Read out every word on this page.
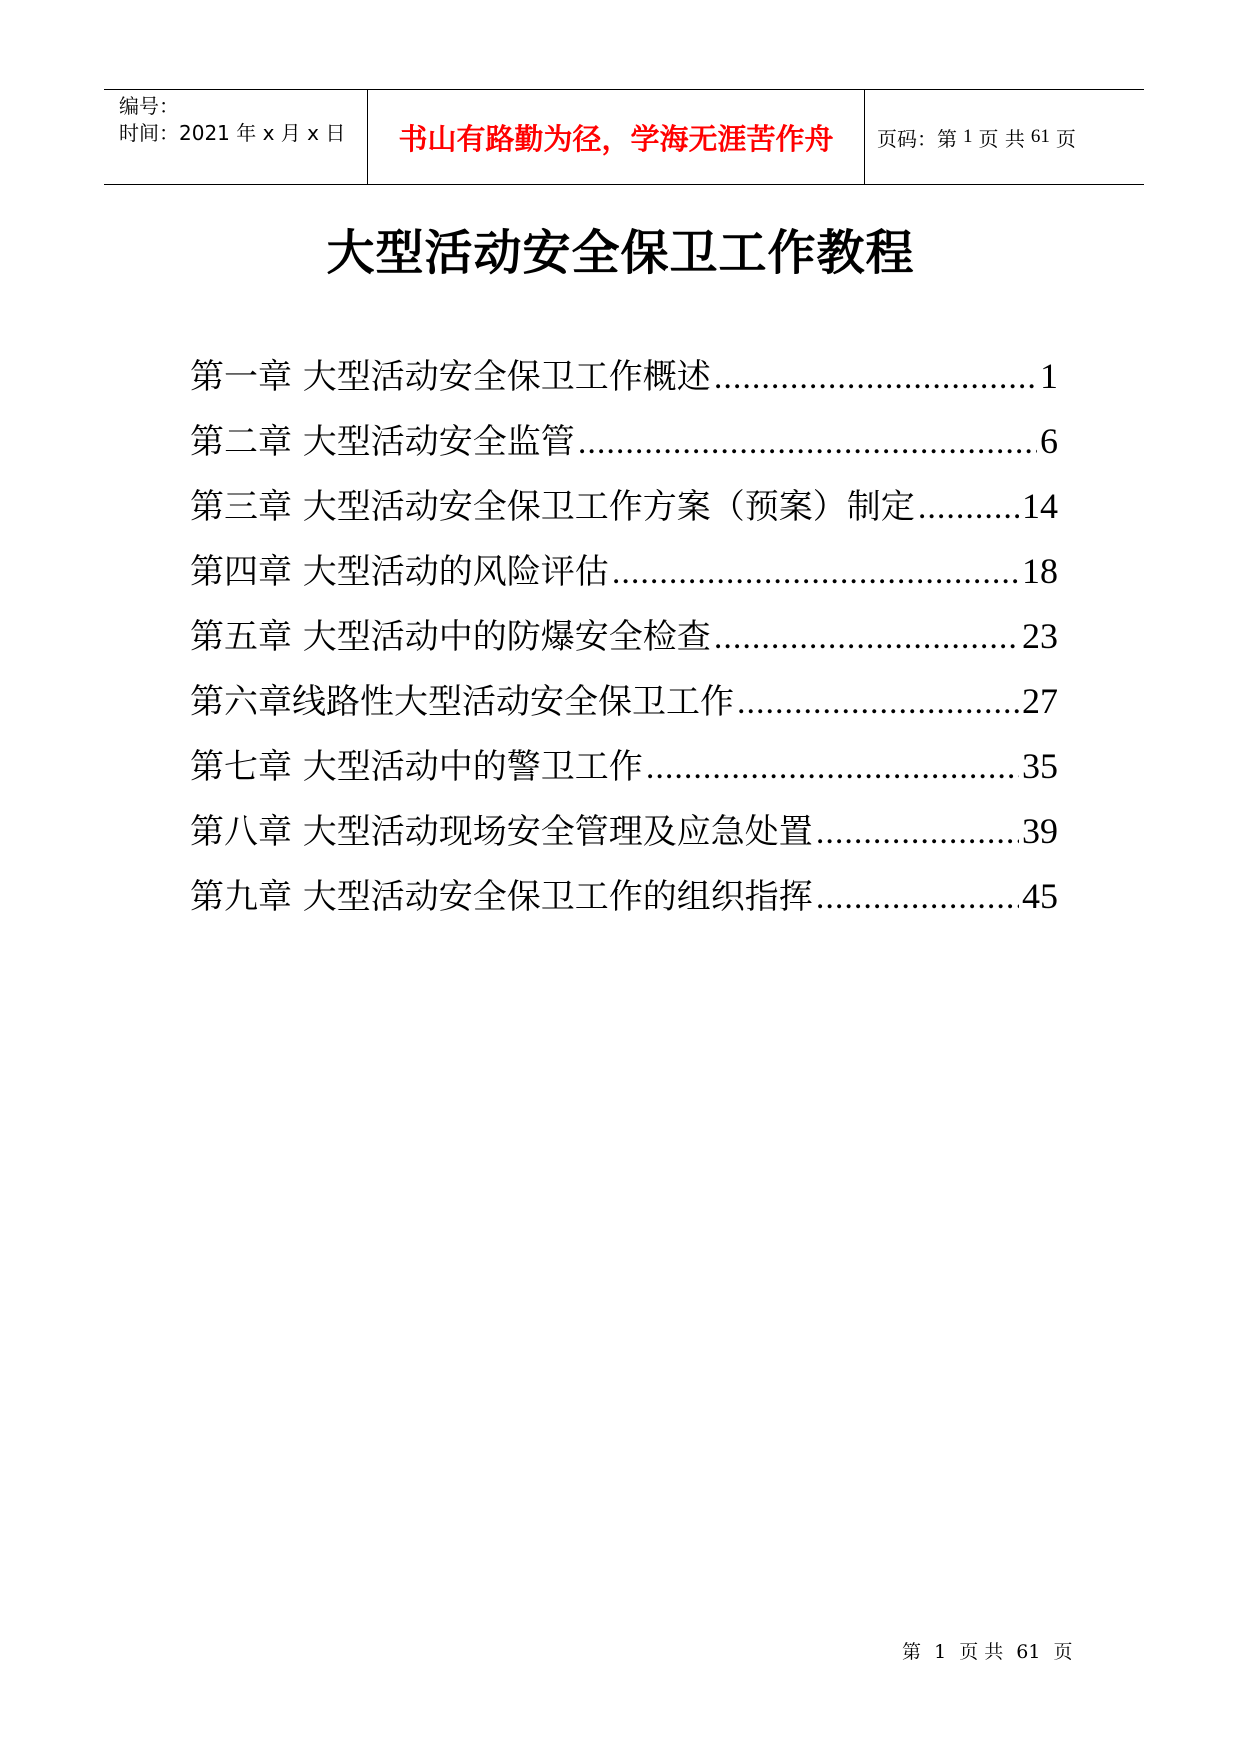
编号：
时间：2021 年 x 月 x 日	书山有路勤为径，学海无涯苦作舟	页码：第 1 页 共 61 页
大型活动安全保卫工作教程
第一章 大型活动安全保卫工作概述 .....	1
第二章 大型活动安全监管 .....	6
第三章 大型活动安全保卫工作方案（预案）制定 .....	14
第四章 大型活动的风险评估 .....	18
第五章 大型活动中的防爆安全检查 .....	23
第六章线路性大型活动安全保卫工作 .....	27
第七章 大型活动中的警卫工作 .....	35
第八章 大型活动现场安全管理及应急处置 .....	39
第九章 大型活动安全保卫工作的组织指挥 .....	45
第 1 页 共 61 页
